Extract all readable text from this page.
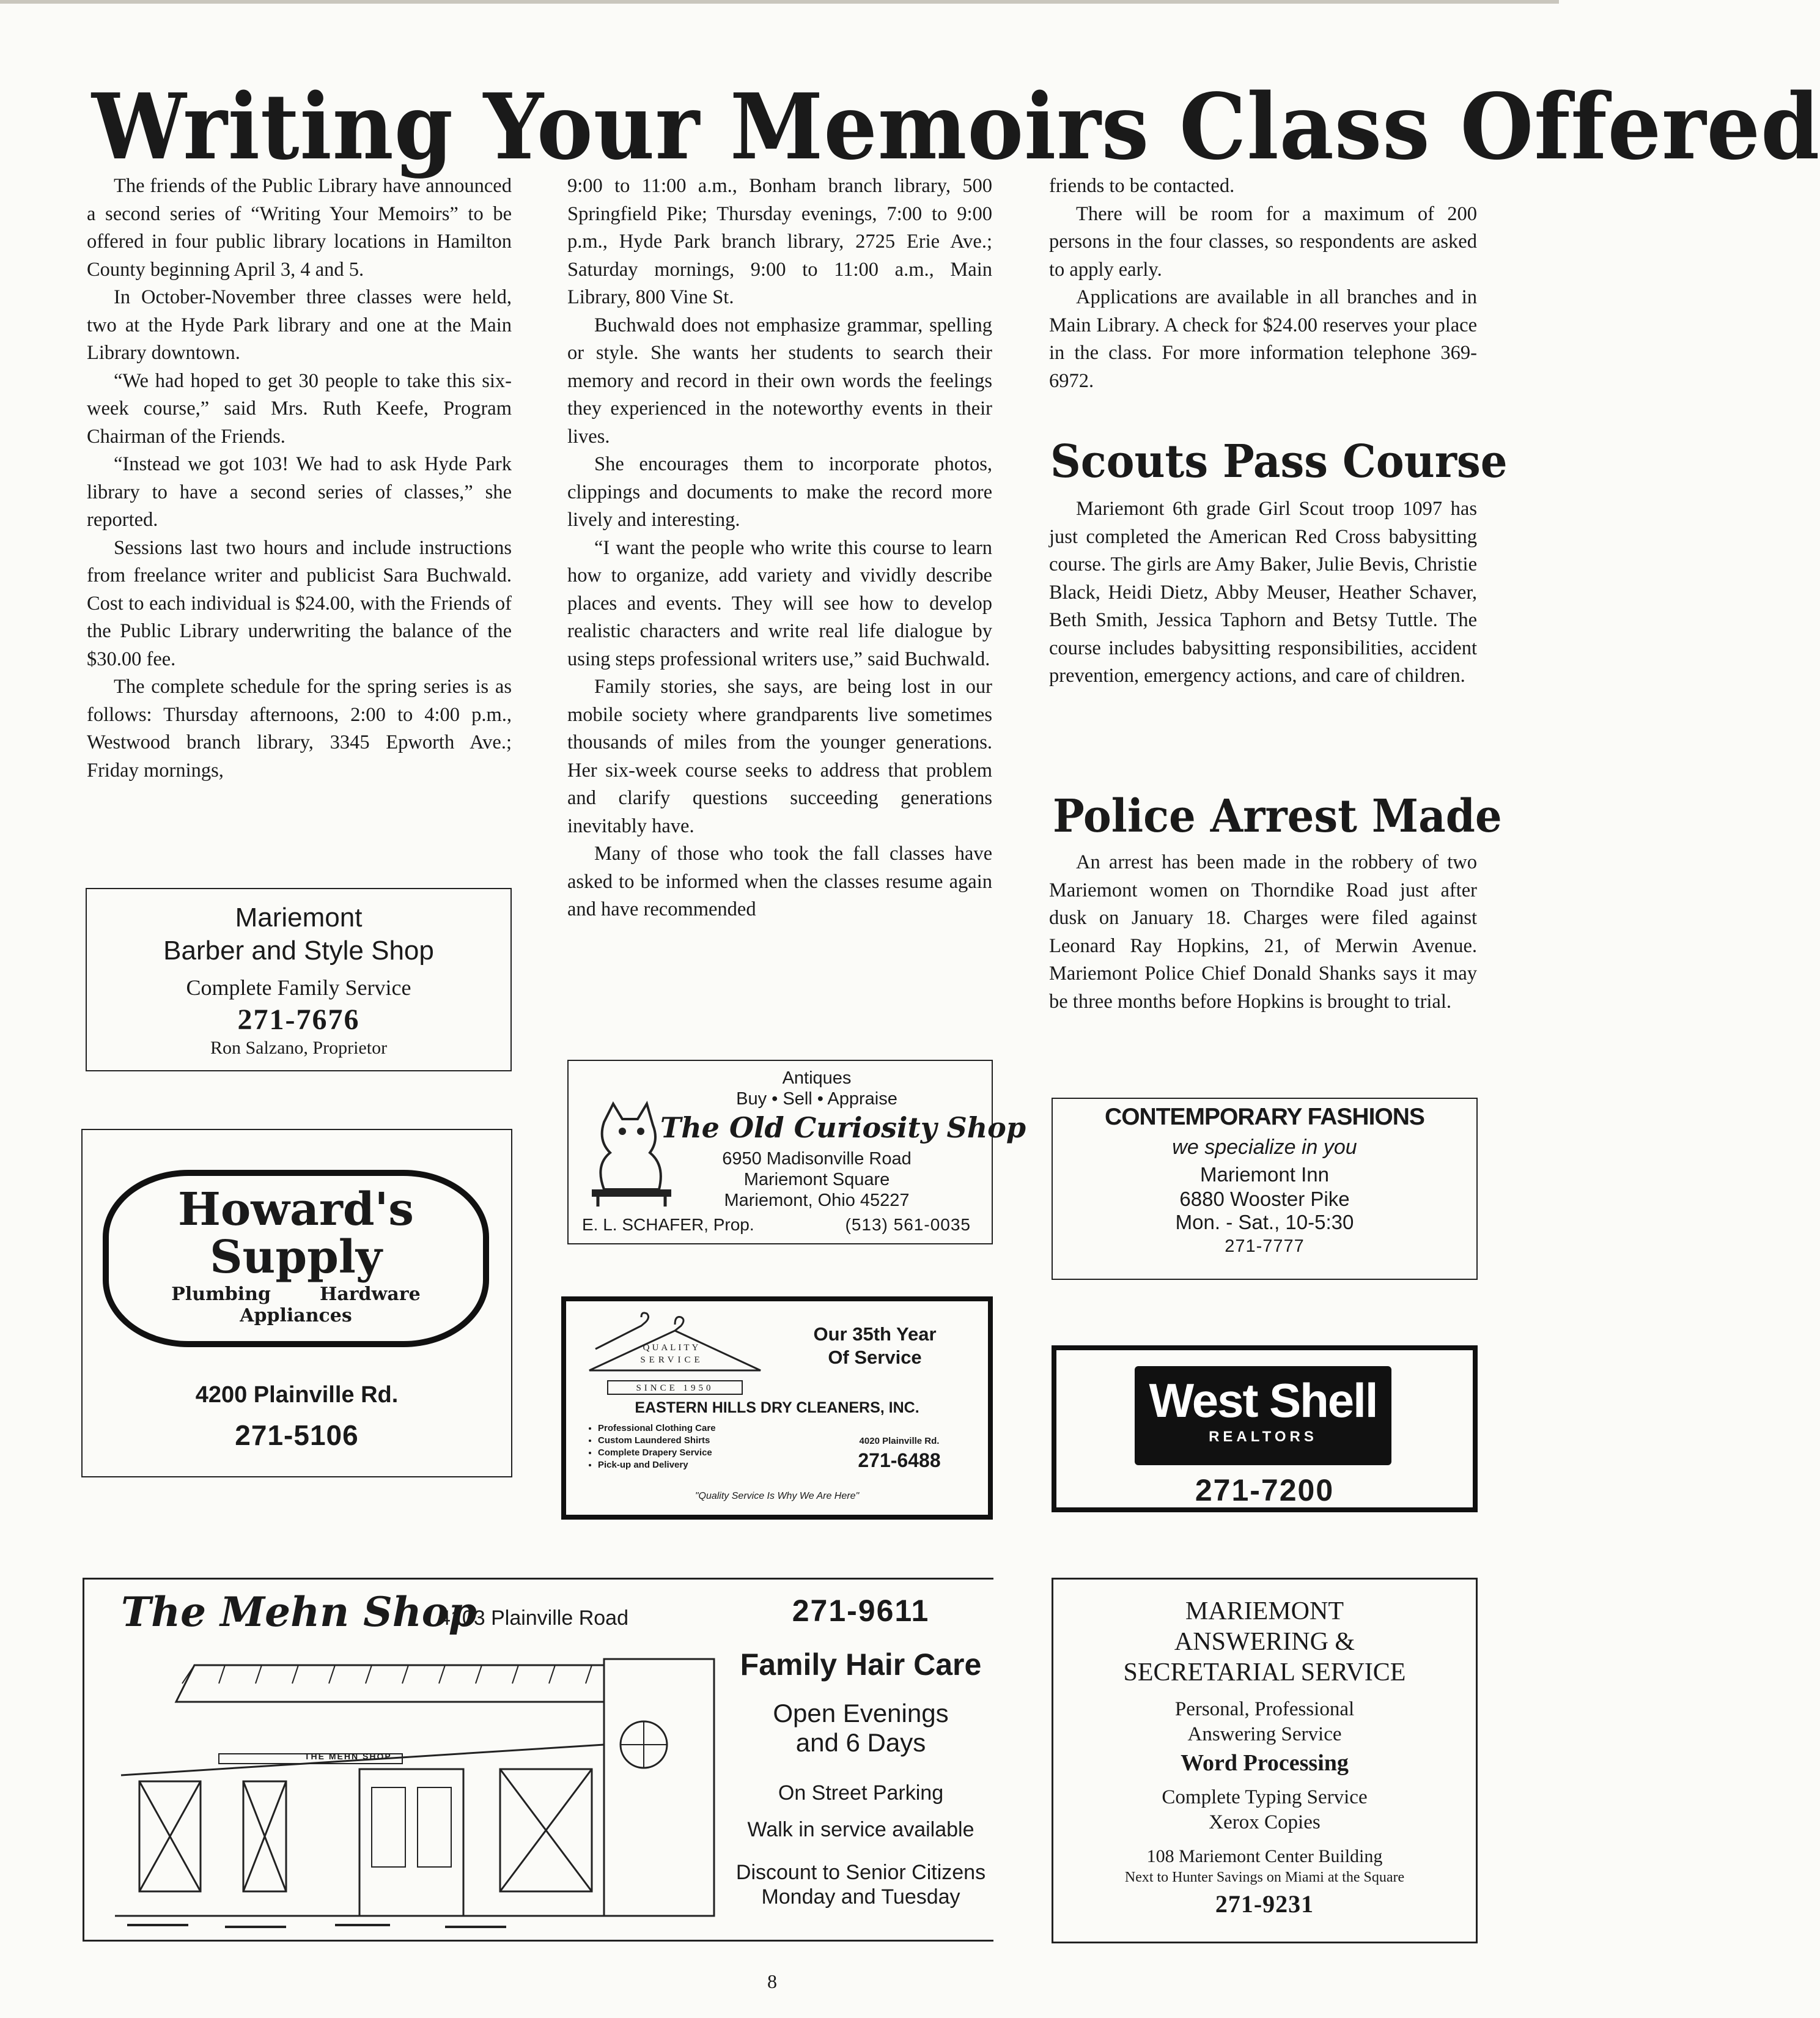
Writing Your Memoirs Class Offered

The friends of the Public Library have announced a second series of “Writing Your Memoirs” to be offered in four public library locations in Hamilton County beginning April 3, 4 and 5.

In October-November three classes were held, two at the Hyde Park library and one at the Main Library downtown.

“We had hoped to get 30 people to take this six-week course,” said Mrs. Ruth Keefe, Program Chairman of the Friends.

“Instead we got 103! We had to ask Hyde Park library to have a second series of classes,” she reported.

Sessions last two hours and include instructions from freelance writer and publicist Sara Buchwald. Cost to each individual is $24.00, with the Friends of the Public Library underwriting the balance of the $30.00 fee.

The complete schedule for the spring series is as follows: Thursday afternoons, 2:00 to 4:00 p.m., Westwood branch library, 3345 Epworth Ave.; Friday mornings,

9:00 to 11:00 a.m., Bonham branch library, 500 Springfield Pike; Thursday evenings, 7:00 to 9:00 p.m., Hyde Park branch library, 2725 Erie Ave.; Saturday mornings, 9:00 to 11:00 a.m., Main Library, 800 Vine St.

Buchwald does not emphasize grammar, spelling or style. She wants her students to search their memory and record in their own words the feelings they experienced in the noteworthy events in their lives.

She encourages them to incorporate photos, clippings and documents to make the record more lively and interesting.

“I want the people who write this course to learn how to organize, add variety and vividly describe places and events. They will see how to develop realistic characters and write real life dialogue by using steps professional writers use,” said Buchwald.

Family stories, she says, are being lost in our mobile society where grandparents live sometimes thousands of miles from the younger generations. Her six-week course seeks to address that problem and clarify questions succeeding generations inevitably have.

Many of those who took the fall classes have asked to be informed when the classes resume again and have recommended

friends to be contacted.

There will be room for a maximum of 200 persons in the four classes, so respondents are asked to apply early.

Applications are available in all branches and in Main Library. A check for $24.00 reserves your place in the class. For more information telephone 369-6972.

Scouts Pass Course

Mariemont 6th grade Girl Scout troop 1097 has just completed the American Red Cross babysitting course. The girls are Amy Baker, Julie Bevis, Christie Black, Heidi Dietz, Abby Meuser, Heather Schaver, Beth Smith, Jessica Taphorn and Betsy Tuttle. The course includes babysitting responsibilities, accident prevention, emergency actions, and care of children.

Police Arrest Made

An arrest has been made in the robbery of two Mariemont women on Thorndike Road just after dusk on January 18. Charges were filed against Leonard Ray Hopkins, 21, of Merwin Avenue. Mariemont Police Chief Donald Shanks says it may be three months before Hopkins is brought to trial.

Mariemont
Barber and Style Shop
Complete Family Service
271-7676
Ron Salzano, Proprietor
Howard's
Supply
Plumbing	Hardware
Appliances
4200 Plainville Rd.
271-5106
Antiques
Buy • Sell • Appraise
The Old Curiosity Shop
6950 Madisonville Road
Mariemont Square
Mariemont, Ohio 45227
E. L. SCHAFER, Prop.	(513) 561-0035
QUALITY
SERVICE
SINCE 1950
Our 35th Year
Of Service
EASTERN HILLS DRY CLEANERS, INC.
• Professional Clothing Care
• Custom Laundered Shirts
• Complete Drapery Service
• Pick-up and Delivery
4020 Plainville Rd.
271-6488
"Quality Service Is Why We Are Here"
CONTEMPORARY FASHIONS
we specialize in you
Mariemont Inn
6880 Wooster Pike
Mon. - Sat., 10-5:30
271-7777
West Shell
REALTORS
271-7200
The Mehn Shop
4103 Plainville Road
THE MEHN SHOP
271-9611
Family Hair Care
Open Evenings
and 6 Days
On Street Parking
Walk in service available
Discount to Senior Citizens
Monday and Tuesday
MARIEMONT
ANSWERING &
SECRETARIAL SERVICE
Personal, Professional
Answering Service
Word Processing
Complete Typing Service
Xerox Copies
108 Mariemont Center Building
Next to Hunter Savings on Miami at the Square
271-9231
8
